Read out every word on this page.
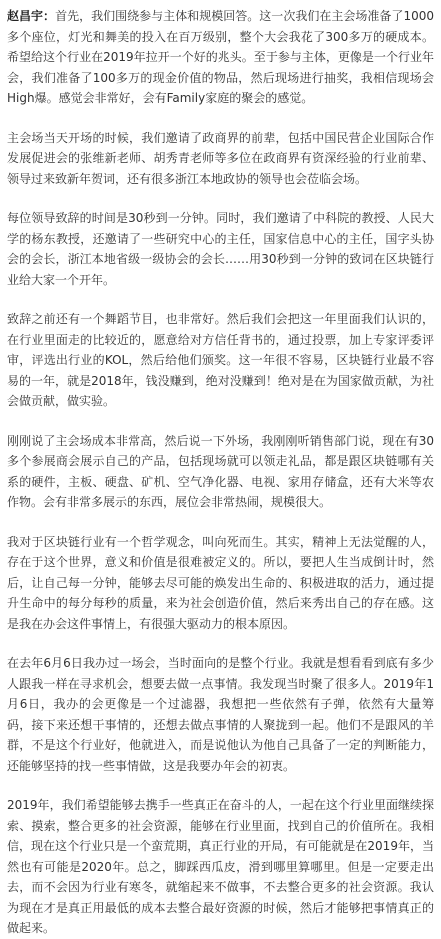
赵昌宇：首先，我们围绕参与主体和规模回答。这一次我们在主会场准备了1000多个座位，灯光和舞美的投入在百万级别，整个大会我花了300多万的硬成本。希望给这个行业在2019年拉开一个好的兆头。至于参与主体，更像是一个行业年会，我们准备了100多万的现金价值的物品，然后现场进行抽奖，我相信现场会High爆。感觉会非常好，会有Family家庭的聚会的感觉。

主会场当天开场的时候，我们邀请了政商界的前辈，包括中国民营企业国际合作发展促进会的张维新老师、胡秀青老师等多位在政商界有资深经验的行业前辈、领导过来致新年贺词，还有很多浙江本地政协的领导也会莅临会场。

每位领导致辞的时间是30秒到一分钟。同时，我们邀请了中科院的教授、人民大学的杨东教授，还邀请了一些研究中心的主任，国家信息中心的主任，国字头协会的会长，浙江本地省级一级协会的会长……用30秒到一分钟的致词在区块链行业给大家一个开年。

致辞之前还有一个舞蹈节目，也非常好。然后我们会把这一年里面我们认识的，在行业里面走的比较近的，愿意给对方信任背书的，通过投票，加上专家评委评审，评选出行业的KOL，然后给他们颁奖。这一年很不容易，区块链行业最不容易的一年，就是2018年，钱没赚到，绝对没赚到！绝对是在为国家做贡献，为社会做贡献，做实验。

刚刚说了主会场成本非常高，然后说一下外场，我刚刚听销售部门说，现在有30多个参展商会展示自己的产品，包括现场就可以领走礼品，都是跟区块链哪有关系的硬件，主板、硬盘、矿机、空气净化器、电视、家用存储盒，还有大米等农作物。会有非常多展示的东西，展位会非常热闹，规模很大。

我对于区块链行业有一个哲学观念，叫向死而生。其实，精神上无法觉醒的人，存在于这个世界，意义和价值是很难被定义的。所以，要把人生当成倒计时，然后，让自己每一分钟，能够去尽可能的焕发出生命的、积极进取的活力，通过提升生命中的每分每秒的质量，来为社会创造价值，然后来秀出自己的存在感。这是我在办会这件事情上，有很强大驱动力的根本原因。

在去年6月6日我办过一场会，当时面向的是整个行业。我就是想看看到底有多少人跟我一样在寻求机会，想要去做一点事情。我发现当时聚了很多人。2019年1月6日，我办的会更像是一个过滤器，我想把一些依然有子弹，依然有大量筹码，接下来还想干事情的，还想去做点事情的人聚拢到一起。他们不是跟风的羊群，不是这个行业好，他就进入，而是说他认为他自己具备了一定的判断能力，还能够坚持的找一些事情做，这是我要办年会的初衷。

2019年，我们希望能够去携手一些真正在奋斗的人，一起在这个行业里面继续探索、摸索，整合更多的社会资源，能够在行业里面，找到自己的价值所在。我相信，现在这个行业只是一个蛮荒期，真正行业的开局，有可能就是在2019年，当然也有可能是2020年。总之，脚踩西瓜皮，滑到哪里算哪里。但是一定要走出去，而不会因为行业有寒冬，就缩起来不做事，不去整合更多的社会资源。我认为现在才是真正用最低的成本去整合最好资源的时候，然后才能够把事情真正的做起来。
